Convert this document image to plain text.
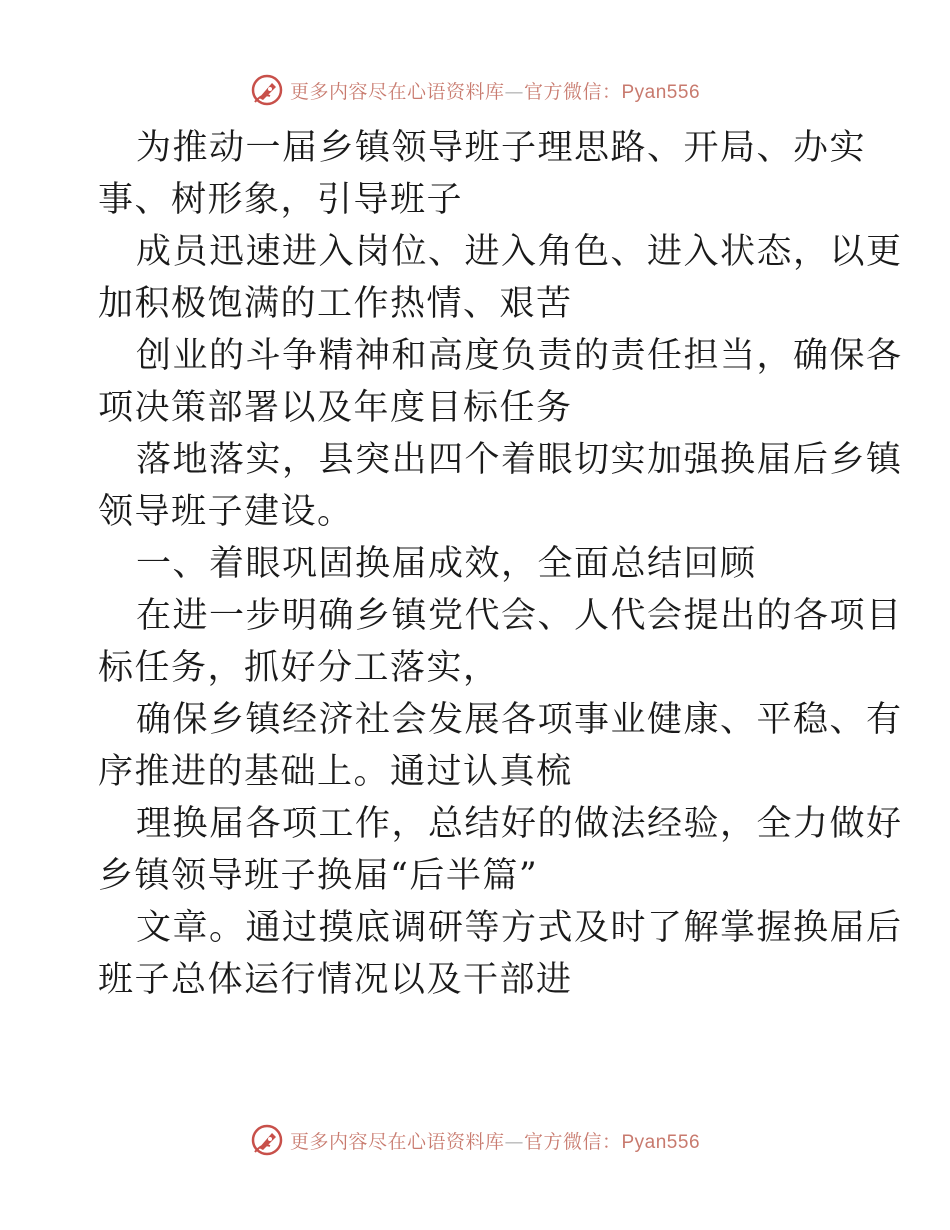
更多内容尽在心语资料库—官方微信：Pyan556
为推动一届乡镇领导班子理思路、开局、办实
事、树形象，引导班子
成员迅速进入岗位、进入角色、进入状态，以更
加积极饱满的工作热情、艰苦
创业的斗争精神和高度负责的责任担当，确保各
项决策部署以及年度目标任务
落地落实，县突出四个着眼切实加强换届后乡镇
领导班子建设。
一、着眼巩固换届成效，全面总结回顾
在进一步明确乡镇党代会、人代会提出的各项目
标任务，抓好分工落实，
确保乡镇经济社会发展各项事业健康、平稳、有
序推进的基础上。通过认真梳
理换届各项工作，总结好的做法经验，全力做好
乡镇领导班子换届“后半篇”
文章。通过摸底调研等方式及时了解掌握换届后
班子总体运行情况以及干部进
更多内容尽在心语资料库—官方微信：Pyan556
